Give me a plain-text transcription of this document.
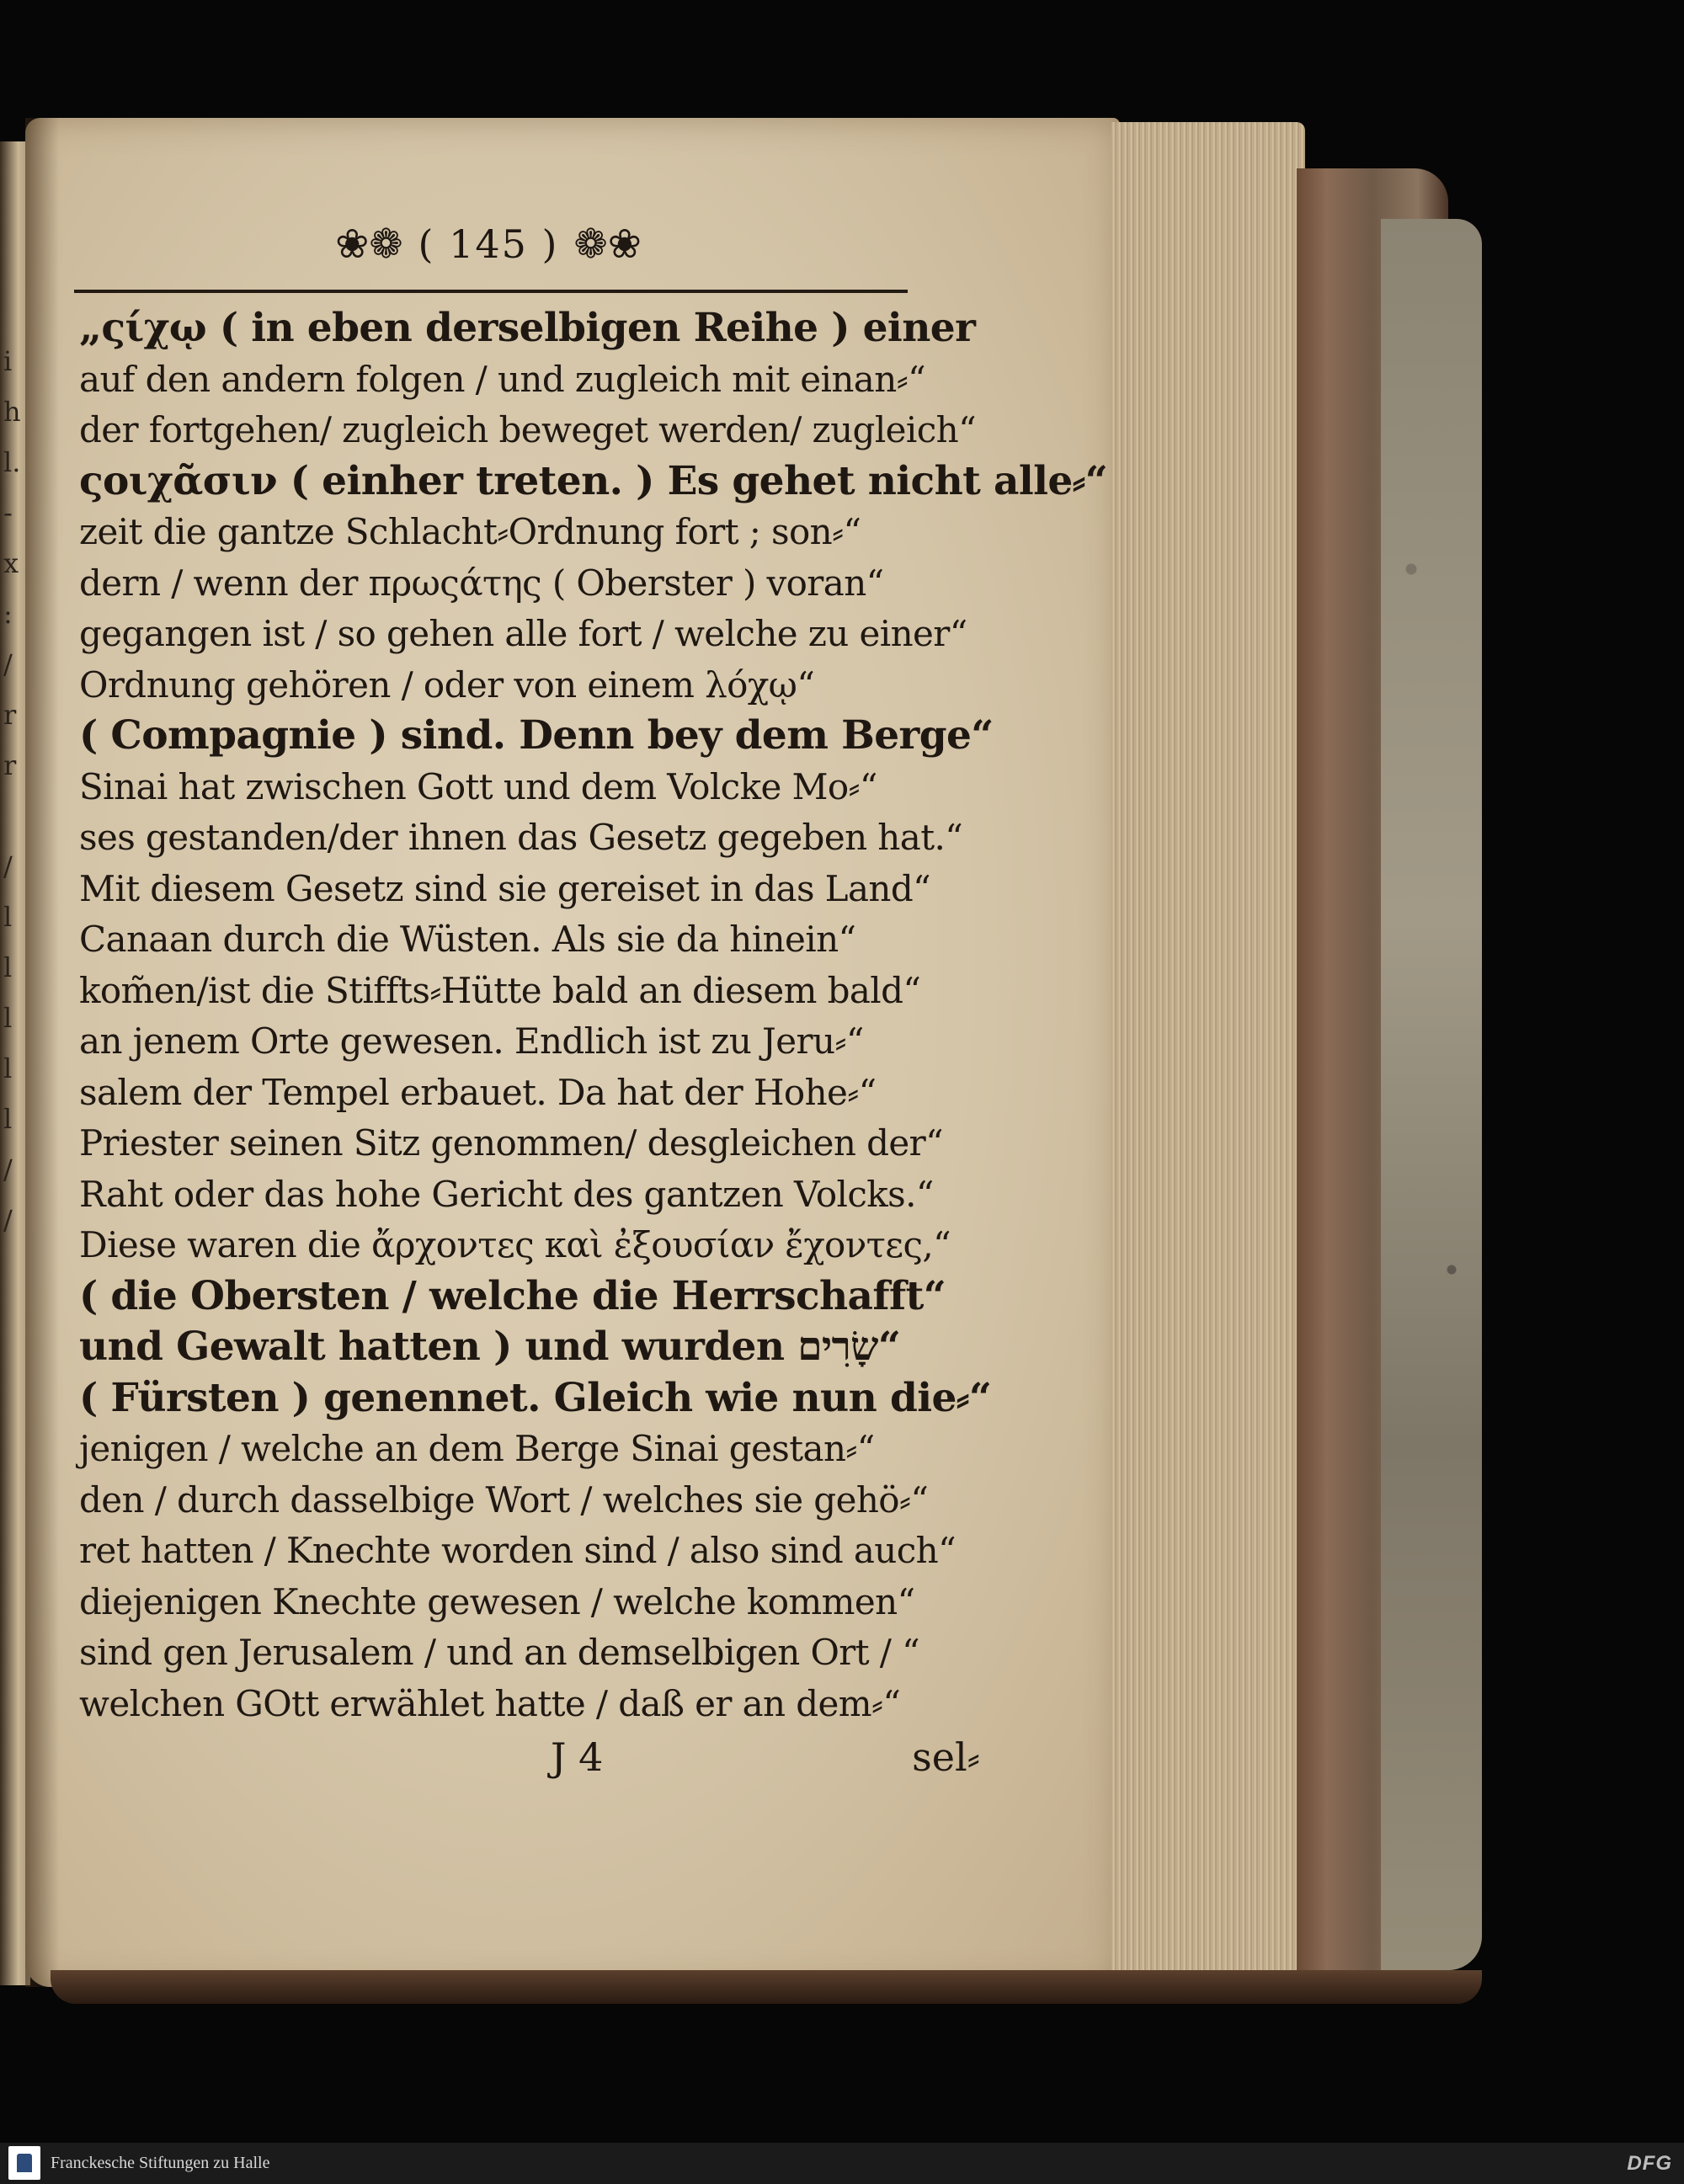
❀❁ ( 145 ) ❁❀
„ςίχῳ ( in eben derselbigen Reihe ) einer
auf den andern folgen / und zugleich mit einan⸗“
der fortgehen/ zugleich beweget werden/ zugleich“
ςοιχᾶσιν ( einher treten. ) Es gehet nicht alle⸗“
zeit die gantze Schlacht⸗Ordnung fort ; son⸗“
dern / wenn der πρωςάτης ( Oberster ) voran“
gegangen ist / so gehen alle fort / welche zu einer“
Ordnung gehören / oder von einem λόχῳ“
( Compagnie ) sind. Denn bey dem Berge“
Sinai hat zwischen Gott und dem Volcke Mo⸗“
ses gestanden/der ihnen das Gesetz gegeben hat.“
Mit diesem Gesetz sind sie gereiset in das Land“
Canaan durch die Wüsten. Als sie da hinein“
kom̃en/ist die Stiffts⸗Hütte bald an diesem bald“
an jenem Orte gewesen. Endlich ist zu Jeru⸗“
salem der Tempel erbauet. Da hat der Hohe⸗“
Priester seinen Sitz genommen/ desgleichen der“
Raht oder das hohe Gericht des gantzen Volcks.“
Diese waren die ἄρχοντες καὶ ἐξουσίαν ἔχοντες,“
( die Obersten / welche die Herrschafft“
und Gewalt hatten ) und wurden שָׂרִים“
( Fürsten ) genennet. Gleich wie nun die⸗“
jenigen / welche an dem Berge Sinai gestan⸗“
den / durch dasselbige Wort / welches sie gehö⸗“
ret hatten / Knechte worden sind / also sind auch“
diejenigen Knechte gewesen / welche kommen“
sind gen Jerusalem / und an demselbigen Ort / “
welchen GOtt erwählet hatte / daß er an dem⸗“
J 4	sel⸗
i
h
l.
-
x
:
/
r
r
/
l
l
l
l
l
/
/
Franckesche Stiftungen zu Halle	DFG
